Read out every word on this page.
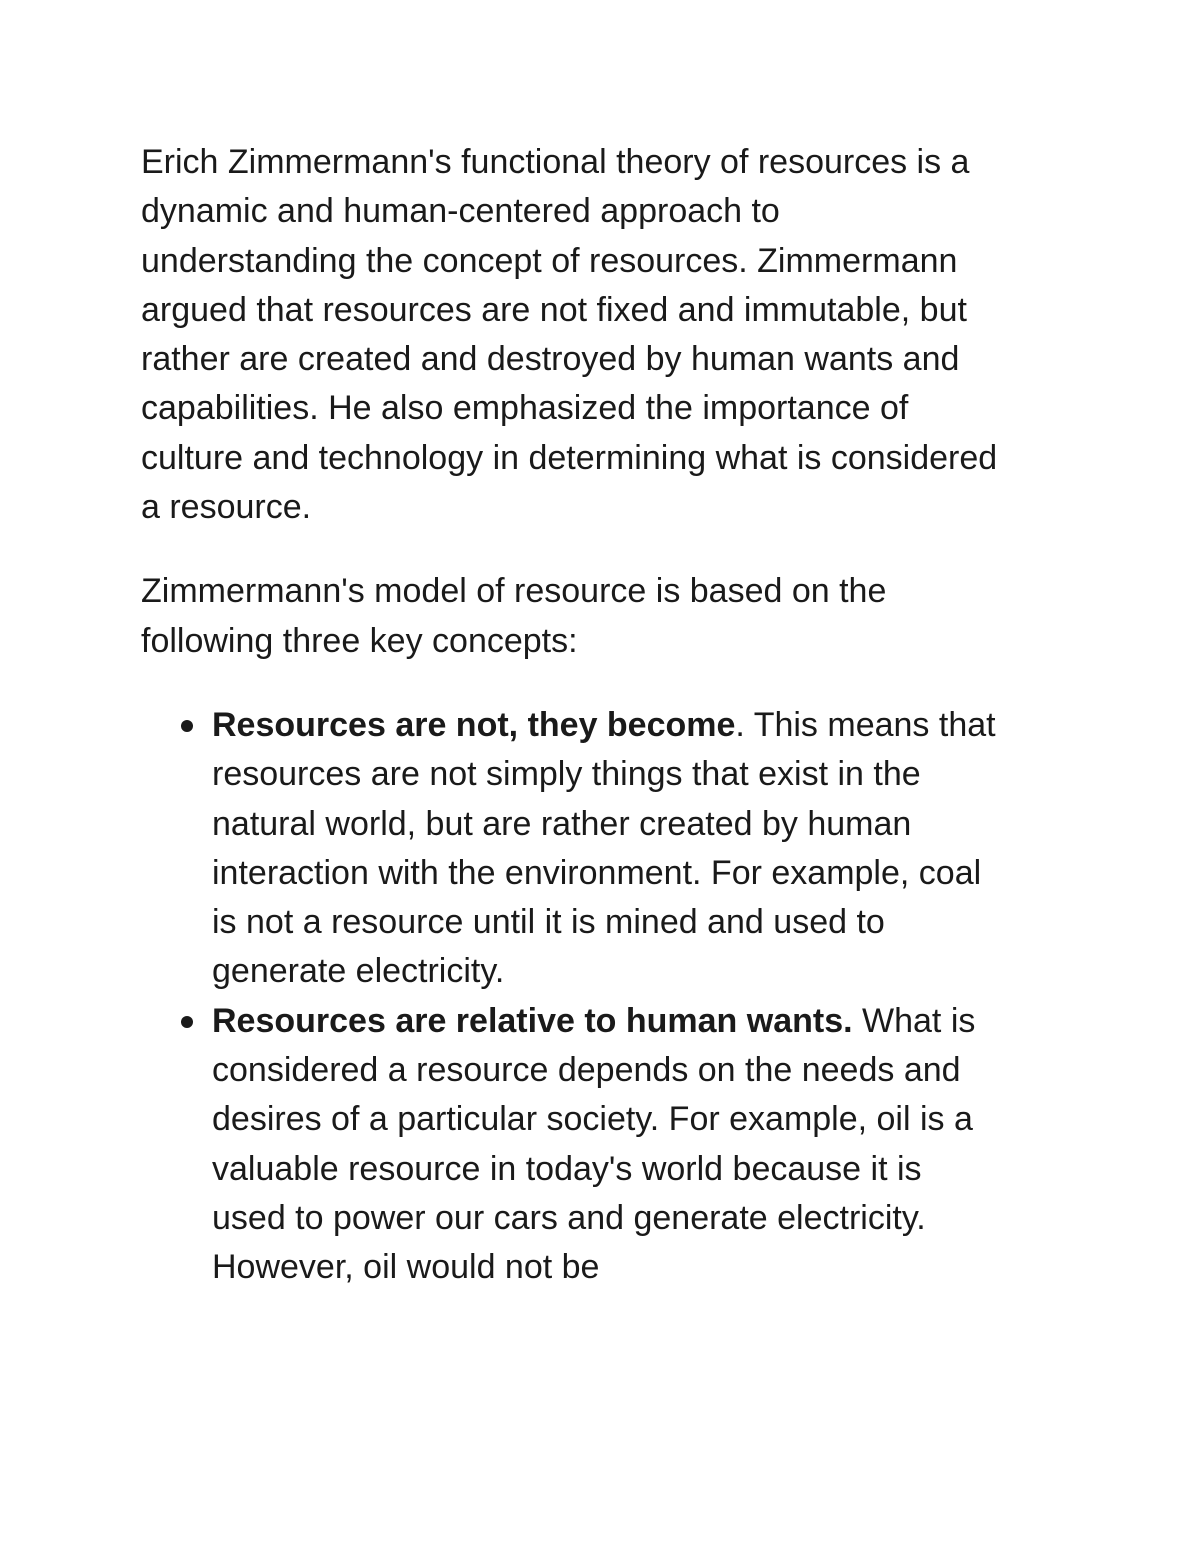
Erich Zimmermann's functional theory of resources is a dynamic and human-centered approach to understanding the concept of resources. Zimmermann argued that resources are not fixed and immutable, but rather are created and destroyed by human wants and capabilities. He also emphasized the importance of culture and technology in determining what is considered a resource.

Zimmermann's model of resource is based on the following three key concepts:

Resources are not, they become. This means that resources are not simply things that exist in the natural world, but are rather created by human interaction with the environment. For example, coal is not a resource until it is mined and used to generate electricity.
Resources are relative to human wants. What is considered a resource depends on the needs and desires of a particular society. For example, oil is a valuable resource in today's world because it is used to power our cars and generate electricity. However, oil would not be
